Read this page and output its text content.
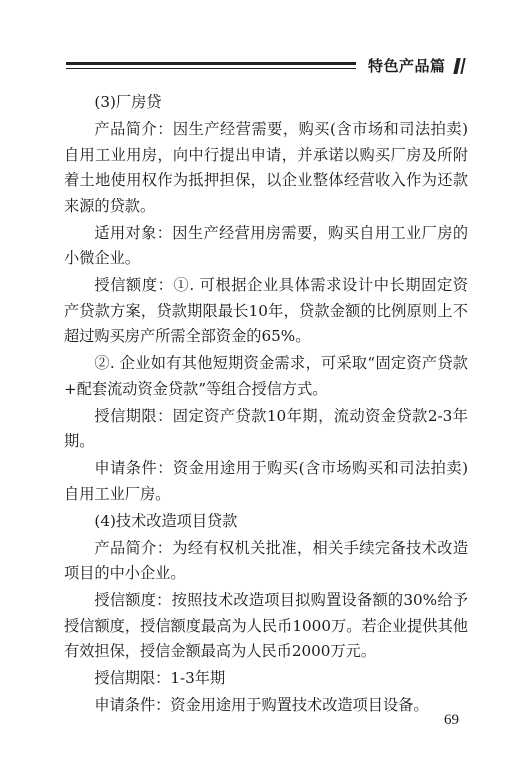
特色产品篇

(3)厂房贷

产品简介：因生产经营需要，购买(含市场和司法拍卖)自用工业用房，向中行提出申请，并承诺以购买厂房及所附着土地使用权作为抵押担保，以企业整体经营收入作为还款来源的贷款。

适用对象：因生产经营用房需要，购买自用工业厂房的小微企业。

授信额度：①. 可根据企业具体需求设计中长期固定资产贷款方案，贷款期限最长10年，贷款金额的比例原则上不超过购买房产所需全部资金的65%。

②. 企业如有其他短期资金需求，可采取“固定资产贷款+配套流动资金贷款”等组合授信方式。

授信期限：固定资产贷款10年期，流动资金贷款2-3年期。

申请条件：资金用途用于购买(含市场购买和司法拍卖)自用工业厂房。

(4)技术改造项目贷款

产品简介：为经有权机关批准，相关手续完备技术改造项目的中小企业。

授信额度：按照技术改造项目拟购置设备额的30%给予授信额度，授信额度最高为人民币1000万。若企业提供其他有效担保，授信金额最高为人民币2000万元。

授信期限：1-3年期

申请条件：资金用途用于购置技术改造项目设备。

69
